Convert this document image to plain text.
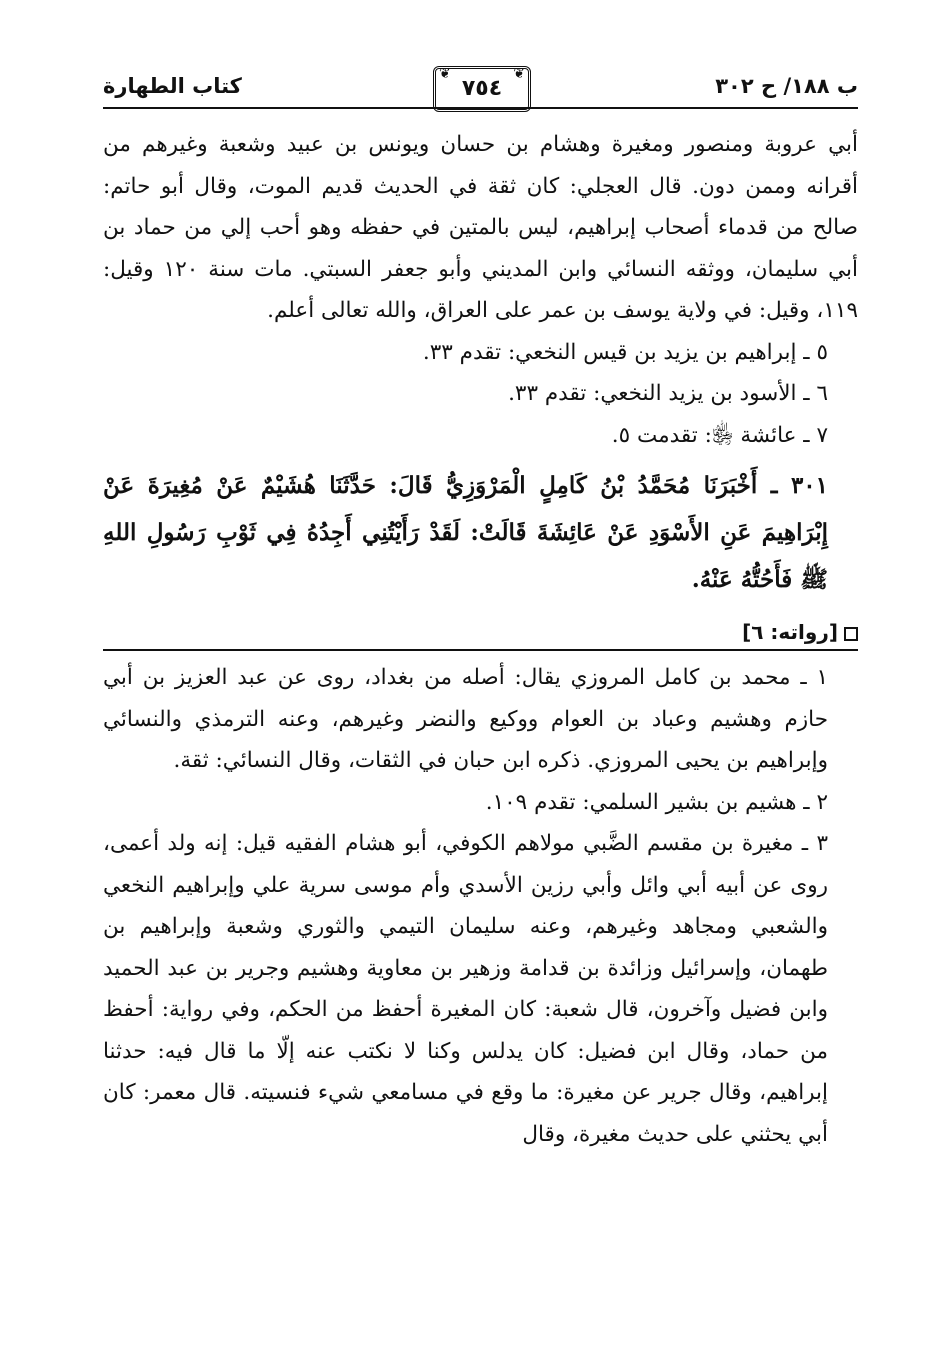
ب ١٨٨/ ح ٣٠٢
❦ ٧٥٤ ❦
كتاب الطهارة

أبي عروبة ومنصور ومغيرة وهشام بن حسان ويونس بن عبيد وشعبة وغيرهم من أقرانه وممن دون. قال العجلي: كان ثقة في الحديث قديم الموت، وقال أبو حاتم: صالح من قدماء أصحاب إبراهيم، ليس بالمتين في حفظه وهو أحب إلي من حماد بن أبي سليمان، ووثقه النسائي وابن المديني وأبو جعفر السبتي. مات سنة ١٢٠ وقيل: ١١٩، وقيل: في ولاية يوسف بن عمر على العراق، والله تعالى أعلم.

٥ ـ إبراهيم بن يزيد بن قيس النخعي: تقدم ٣٣.

٦ ـ الأسود بن يزيد النخعي: تقدم ٣٣.

٧ ـ عائشة ﵂: تقدمت ٥.

٣٠١ ـ أَخْبَرَنَا مُحَمَّدُ بْنُ كَامِلٍ الْمَرْوَزِيُّ قَالَ: حَدَّثَنَا هُشَيْمٌ عَنْ مُغِيرَةَ عَنْ إِبْرَاهِيمَ عَنِ الأَسْوَدِ عَنْ عَائِشَةَ قَالَتْ: لَقَدْ رَأَيْتُنِي أَجِدُهُ فِي ثَوْبِ رَسُولِ اللهِ ﷺ فَأَحُتُّهُ عَنْهُ.

[رواته: ٦]

١ ـ محمد بن كامل المروزي يقال: أصله من بغداد، روى عن عبد العزيز بن أبي حازم وهشيم وعباد بن العوام ووكيع والنضر وغيرهم، وعنه الترمذي والنسائي وإبراهيم بن يحيى المروزي. ذكره ابن حبان في الثقات، وقال النسائي: ثقة.

٢ ـ هشيم بن بشير السلمي: تقدم ١٠٩.

٣ ـ مغيرة بن مقسم الضَّبي مولاهم الكوفي، أبو هشام الفقيه قيل: إنه ولد أعمى، روى عن أبيه أبي وائل وأبي رزين الأسدي وأم موسى سرية علي وإبراهيم النخعي والشعبي ومجاهد وغيرهم، وعنه سليمان التيمي والثوري وشعبة وإبراهيم بن طهمان، وإسرائيل وزائدة بن قدامة وزهير بن معاوية وهشيم وجرير بن عبد الحميد وابن فضيل وآخرون، قال شعبة: كان المغيرة أحفظ من الحكم، وفي رواية: أحفظ من حماد، وقال ابن فضيل: كان يدلس وكنا لا نكتب عنه إلّا ما قال فيه: حدثنا إبراهيم، وقال جرير عن مغيرة: ما وقع في مسامعي شيء فنسيته. قال معمر: كان أبي يحثني على حديث مغيرة، وقال
